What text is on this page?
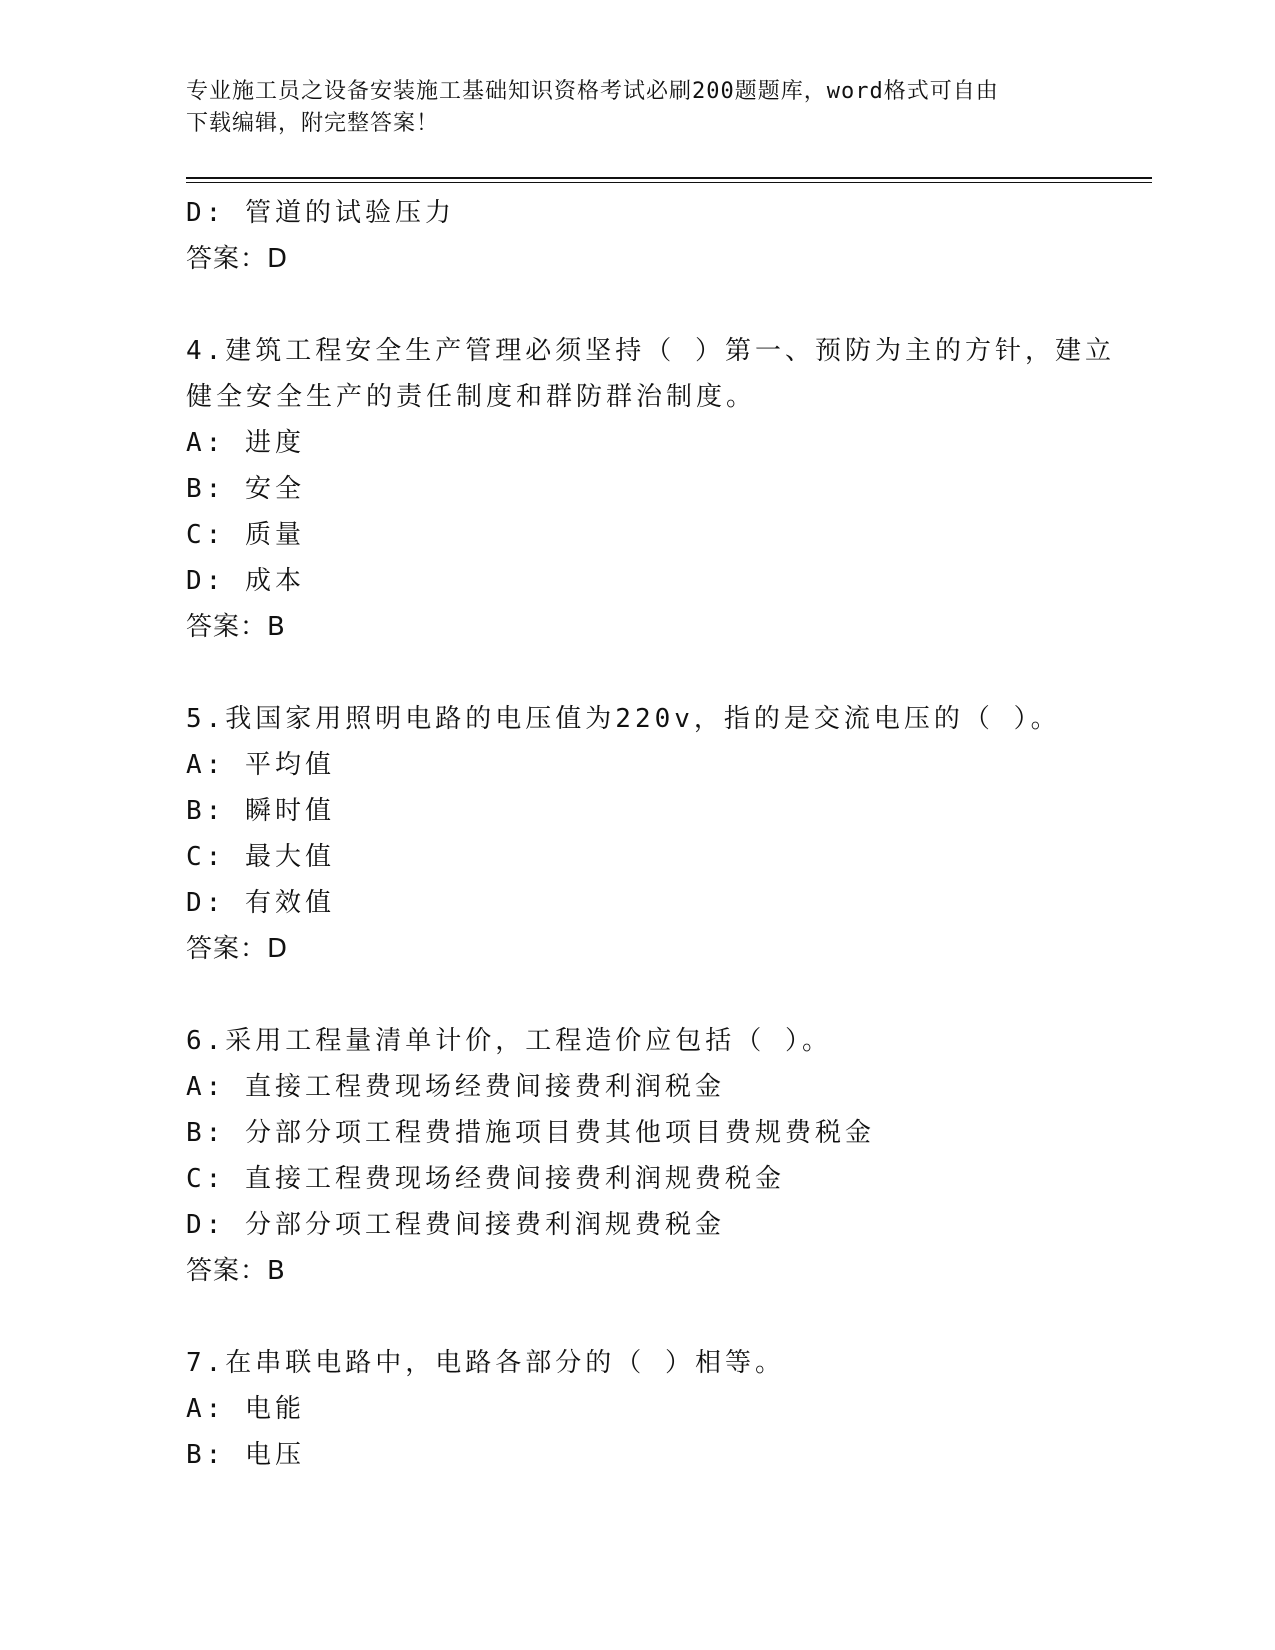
专业施工员之设备安装施工基础知识资格考试必刷200题题库，word格式可自由
下载编辑，附完整答案！
D: 管道的试验压力
答案：D
4.建筑工程安全生产管理必须坚持（ ）第一、预防为主的方针，建立
健全安全生产的责任制度和群防群治制度。
A: 进度
B: 安全
C: 质量
D: 成本
答案：B
5.我国家用照明电路的电压值为220v，指的是交流电压的（ ）。
A: 平均值
B: 瞬时值
C: 最大值
D: 有效值
答案：D
6.采用工程量清单计价，工程造价应包括（ ）。
A: 直接工程费现场经费间接费利润税金
B: 分部分项工程费措施项目费其他项目费规费税金
C: 直接工程费现场经费间接费利润规费税金
D: 分部分项工程费间接费利润规费税金
答案：B
7.在串联电路中，电路各部分的（ ）相等。
A: 电能
B: 电压
